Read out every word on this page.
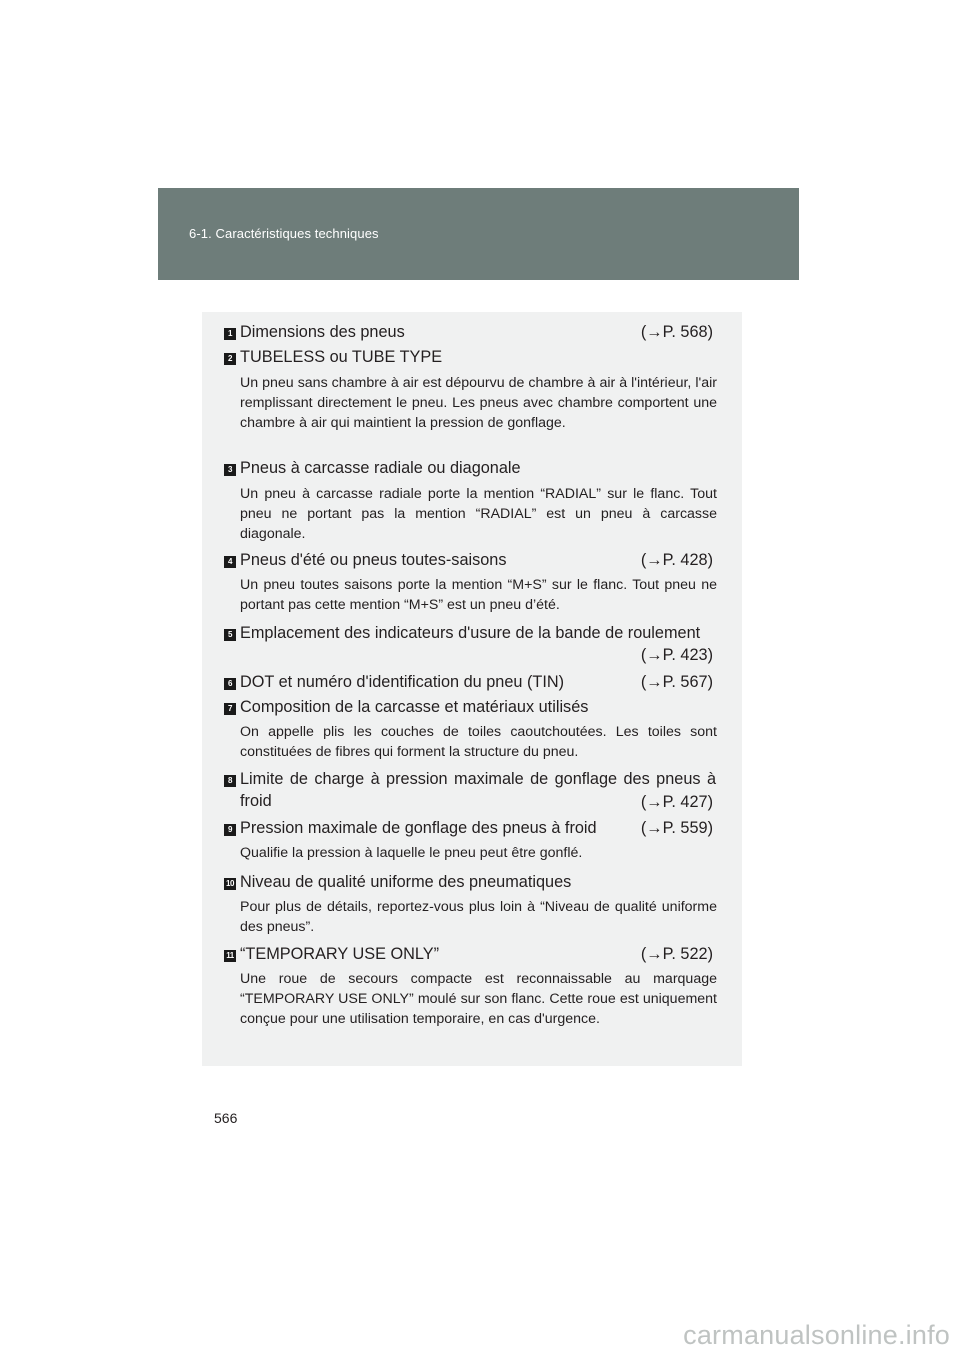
6-1. Caractéristiques techniques
1 Dimensions des pneus	(→P. 568)
2 TUBELESS ou TUBE TYPE
Un pneu sans chambre à air est dépourvu de chambre à air à l'intérieur, l'air remplissant directement le pneu. Les pneus avec chambre comportent une chambre à air qui maintient la pression de gonflage.
3 Pneus à carcasse radiale ou diagonale
Un pneu à carcasse radiale porte la mention “RADIAL” sur le flanc. Tout pneu ne portant pas la mention “RADIAL” est un pneu à carcasse diagonale.
4 Pneus d'été ou pneus toutes-saisons	(→P. 428)
Un pneu toutes saisons porte la mention “M+S” sur le flanc. Tout pneu ne portant pas cette mention “M+S” est un pneu d’été.
5 Emplacement des indicateurs d'usure de la bande de roulement
(→P. 423)
6 DOT et numéro d'identification du pneu (TIN)	(→P. 567)
7 Composition de la carcasse et matériaux utilisés
On appelle plis les couches de toiles caoutchoutées. Les toiles sont constituées de fibres qui forment la structure du pneu.
8 Limite de charge à pression maximale de gonflage des pneus à froid	(→P. 427)
9 Pression maximale de gonflage des pneus à froid	(→P. 559)
Qualifie la pression à laquelle le pneu peut être gonflé.
10 Niveau de qualité uniforme des pneumatiques
Pour plus de détails, reportez-vous plus loin à “Niveau de qualité uniforme des pneus”.
11 “TEMPORARY USE ONLY”	(→P. 522)
Une roue de secours compacte est reconnaissable au marquage “TEMPORARY USE ONLY” moulé sur son flanc. Cette roue est uniquement conçue pour une utilisation temporaire, en cas d'urgence.
566
carmanualsonline.info
